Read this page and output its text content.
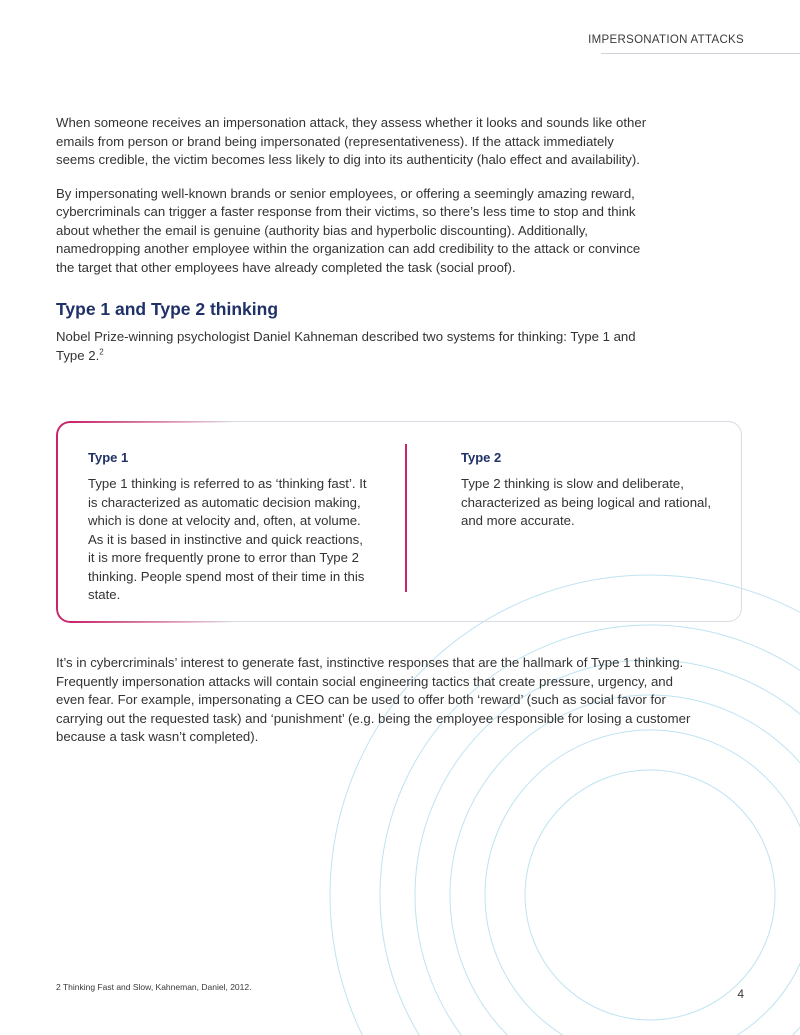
IMPERSONATION ATTACKS

When someone receives an impersonation attack, they assess whether it looks and sounds like other emails from person or brand being impersonated (representativeness). If the attack immediately seems credible, the victim becomes less likely to dig into its authenticity (halo effect and availability).

By impersonating well-known brands or senior employees, or offering a seemingly amazing reward, cybercriminals can trigger a faster response from their victims, so there’s less time to stop and think about whether the email is genuine (authority bias and hyperbolic discounting). Additionally, namedropping another employee within the organization can add credibility to the attack or convince the target that other employees have already completed the task (social proof).

Type 1 and Type 2 thinking

Nobel Prize-winning psychologist Daniel Kahneman described two systems for thinking: Type 1 and Type 2.$^2$

Type 1
Type 1 thinking is referred to as ‘thinking fast’. It is characterized as automatic decision making, which is done at velocity and, often, at volume. As it is based in instinctive and quick reactions, it is more frequently prone to error than Type 2 thinking. People spend most of their time in this state.
Type 2
Type 2 thinking is slow and deliberate, characterized as being logical and rational, and more accurate.

It’s in cybercriminals’ interest to generate fast, instinctive responses that are the hallmark of Type 1 thinking. Frequently impersonation attacks will contain social engineering tactics that create pressure, urgency, and even fear. For example, impersonating a CEO can be used to offer both ‘reward’ (such as social favor for carrying out the requested task) and ‘punishment’ (e.g. being the employee responsible for losing a customer because a task wasn’t completed).

2 Thinking Fast and Slow, Kahneman, Daniel, 2012.	4
